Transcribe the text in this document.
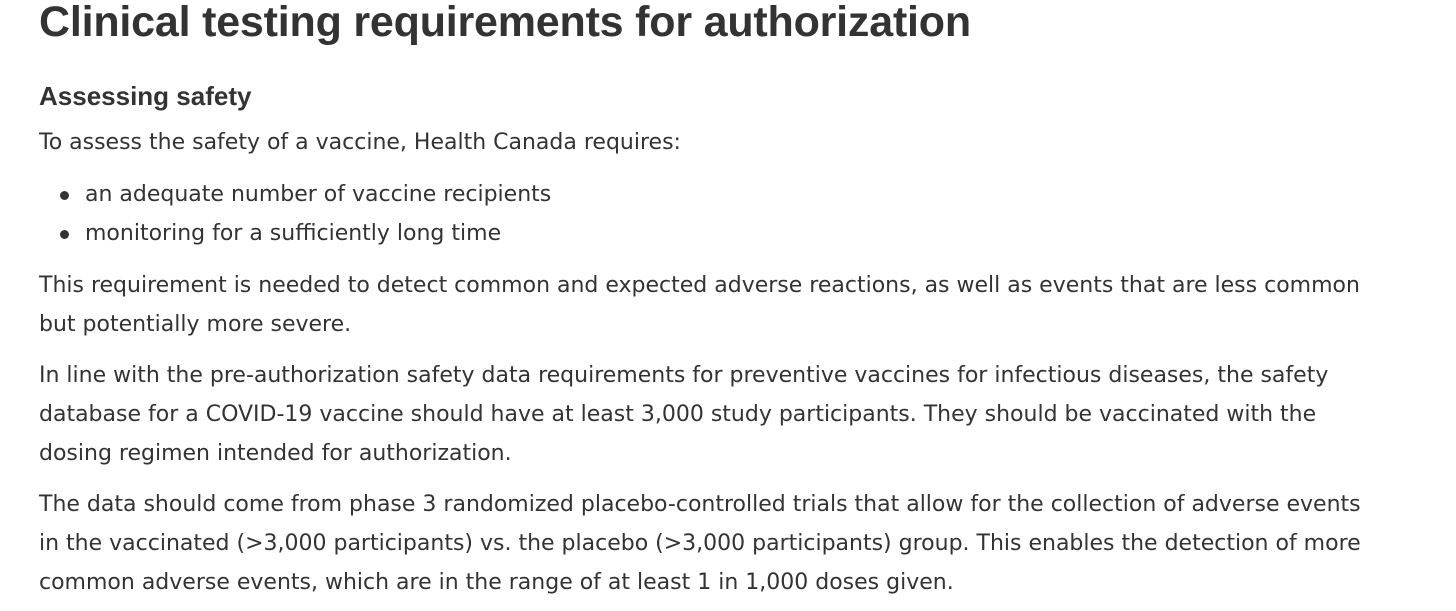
Clinical testing requirements for authorization
Assessing safety

To assess the safety of a vaccine, Health Canada requires:

an adequate number of vaccine recipients
monitoring for a sufficiently long time

This requirement is needed to detect common and expected adverse reactions, as well as events that are less common but potentially more severe.

In line with the pre-authorization safety data requirements for preventive vaccines for infectious diseases, the safety database for a COVID-19 vaccine should have at least 3,000 study participants. They should be vaccinated with the dosing regimen intended for authorization.

The data should come from phase 3 randomized placebo-controlled trials that allow for the collection of adverse events in the vaccinated (>3,000 participants) vs. the placebo (>3,000 participants) group. This enables the detection of more common adverse events, which are in the range of at least 1 in 1,000 doses given.
